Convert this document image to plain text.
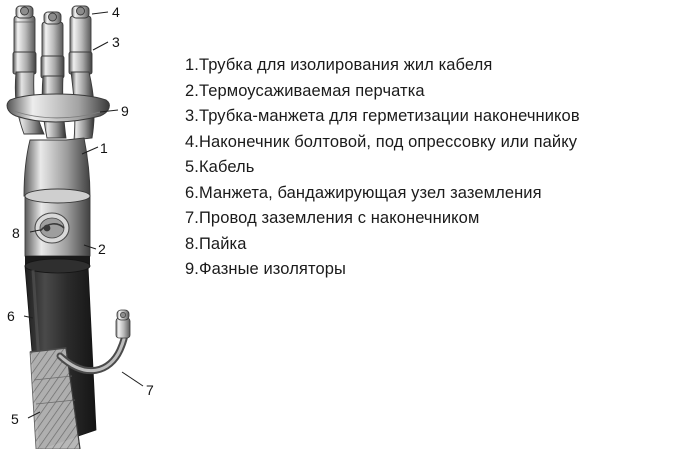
4
3
9
1
8
2
6
7
5
1.Трубка для изолирования жил кабеля
2.Термоусаживаемая перчатка
3.Трубка-манжета для герметизации наконечников
4.Наконечник болтовой, под опрессовку или пайку
5.Кабель
6.Манжета, бандажирующая узел заземления
7.Провод заземления с наконечником
8.Пайка
9.Фазные изоляторы
